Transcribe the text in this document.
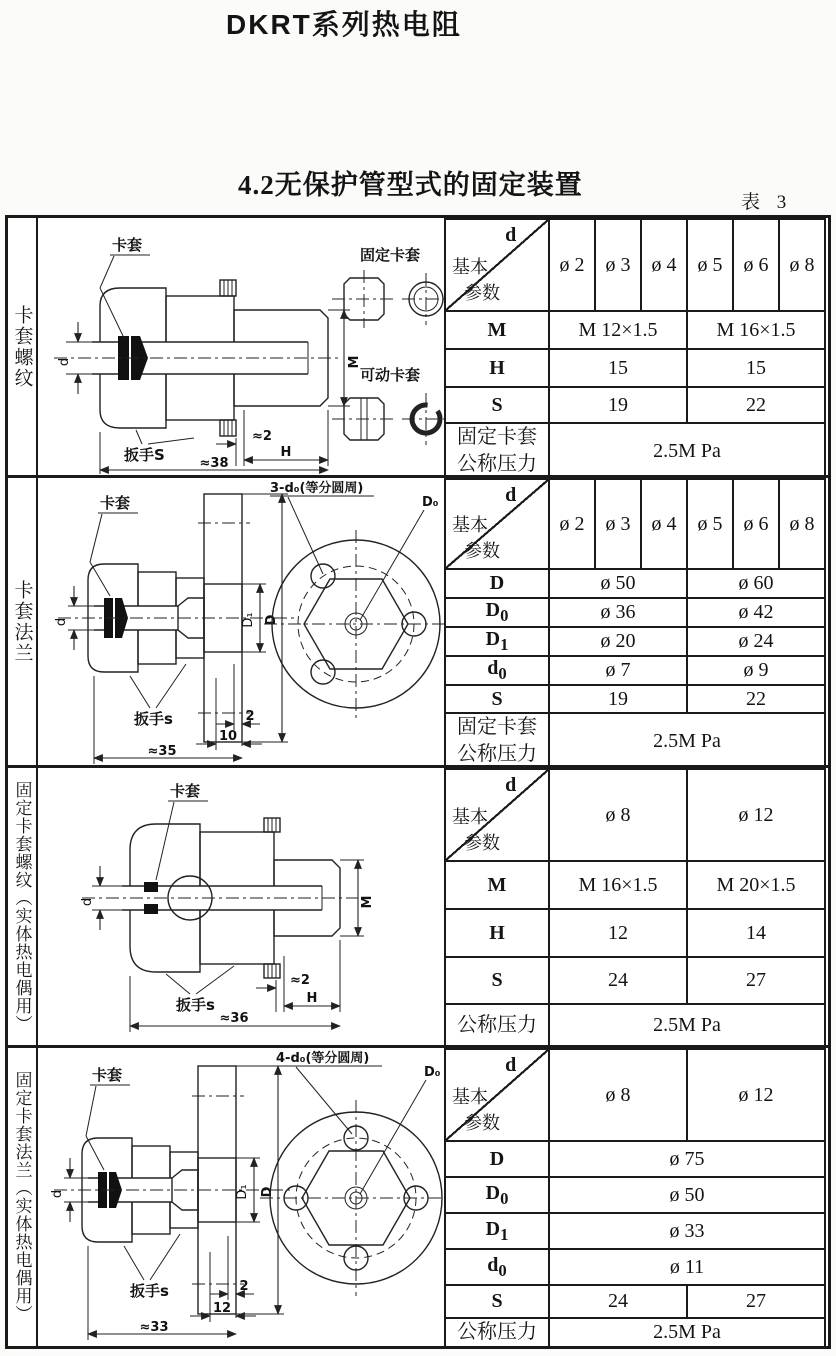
DKRT系列热电阻
4.2无保护管型式的固定装置
表 3
卡套螺纹	d	M
卡套
扳手S
≈2
H
≈38
固定卡套
可动卡套
d
基本
参数	ø 2	ø 3	ø 4	ø 5	ø 6	ø 8
M	M 12×1.5			M 16×1.5		
H	15			15		
S	19			22		

固定卡套
公称压力	2.5M Pa					
卡套法兰	d	D₁ D
卡套
扳手s	2
10
≈35
3-d₀(等分圆周)
D₀	d
基本
参数	ø 2	ø 3	ø 4	ø 5	ø 6	ø 8
D	ø 50			ø 60		
$D_0$	ø 36			ø 42		
$D_1$	ø 20			ø 24		
$d_0$	ø 7			ø 9		
S	19			22		

固定卡套
公称压力	2.5M Pa					
固定卡套螺纹（实体热电偶用）	d	M
卡套
扳手s
≈2
H
≈36
d
基本
参数	ø 8	ø 12
M	M 16×1.5	M 20×1.5
H	12	14
S	24	27
公称压力	2.5M Pa	
固定卡套法兰（实体热电偶用）	d	D₁ D
卡套
扳手s	2
12
≈33
4-d₀(等分圆周)
D₀	d
基本
参数	ø 8	ø 12
D	ø 75	
$D_0$	ø 50	
$D_1$	ø 33	
$d_0$	ø 11	
S	24	27
公称压力	2.5M Pa	
